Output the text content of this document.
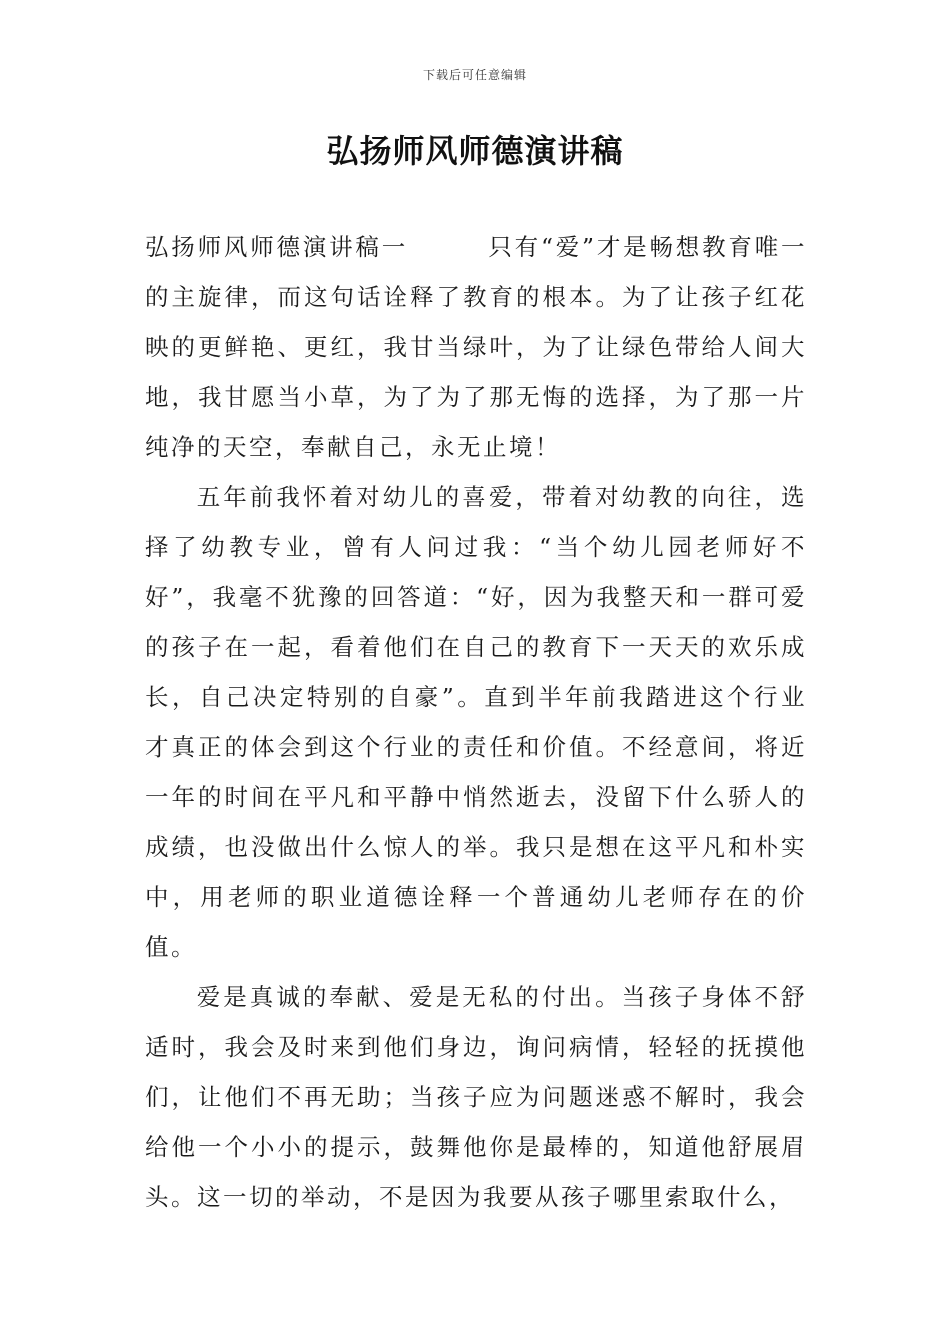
下载后可任意编辑
弘扬师风师德演讲稿

弘扬师风师德演讲稿一	只有“爱”才是畅想教育唯一的主旋律，而这句话诠释了教育的根本。为了让孩子红花映的更鲜艳、更红，我甘当绿叶，为了让绿色带给人间大地，我甘愿当小草，为了为了那无悔的选择，为了那一片纯净的天空，奉献自己，永无止境！

五年前我怀着对幼儿的喜爱，带着对幼教的向往，选择了幼教专业，曾有人问过我：“当个幼儿园老师好不好”，我毫不犹豫的回答道：“好，因为我整天和一群可爱的孩子在一起，看着他们在自己的教育下一天天的欢乐成长，自己决定特别的自豪”。直到半年前我踏进这个行业才真正的体会到这个行业的责任和价值。不经意间，将近一年的时间在平凡和平静中悄然逝去，没留下什么骄人的成绩，也没做出什么惊人的举。我只是想在这平凡和朴实中，用老师的职业道德诠释一个普通幼儿老师存在的价值。

爱是真诚的奉献、爱是无私的付出。当孩子身体不舒适时，我会及时来到他们身边，询问病情，轻轻的抚摸他们，让他们不再无助；当孩子应为问题迷惑不解时，我会给他一个小小的提示，鼓舞他你是最棒的，知道他舒展眉头。这一切的举动，不是因为我要从孩子哪里索取什么，
